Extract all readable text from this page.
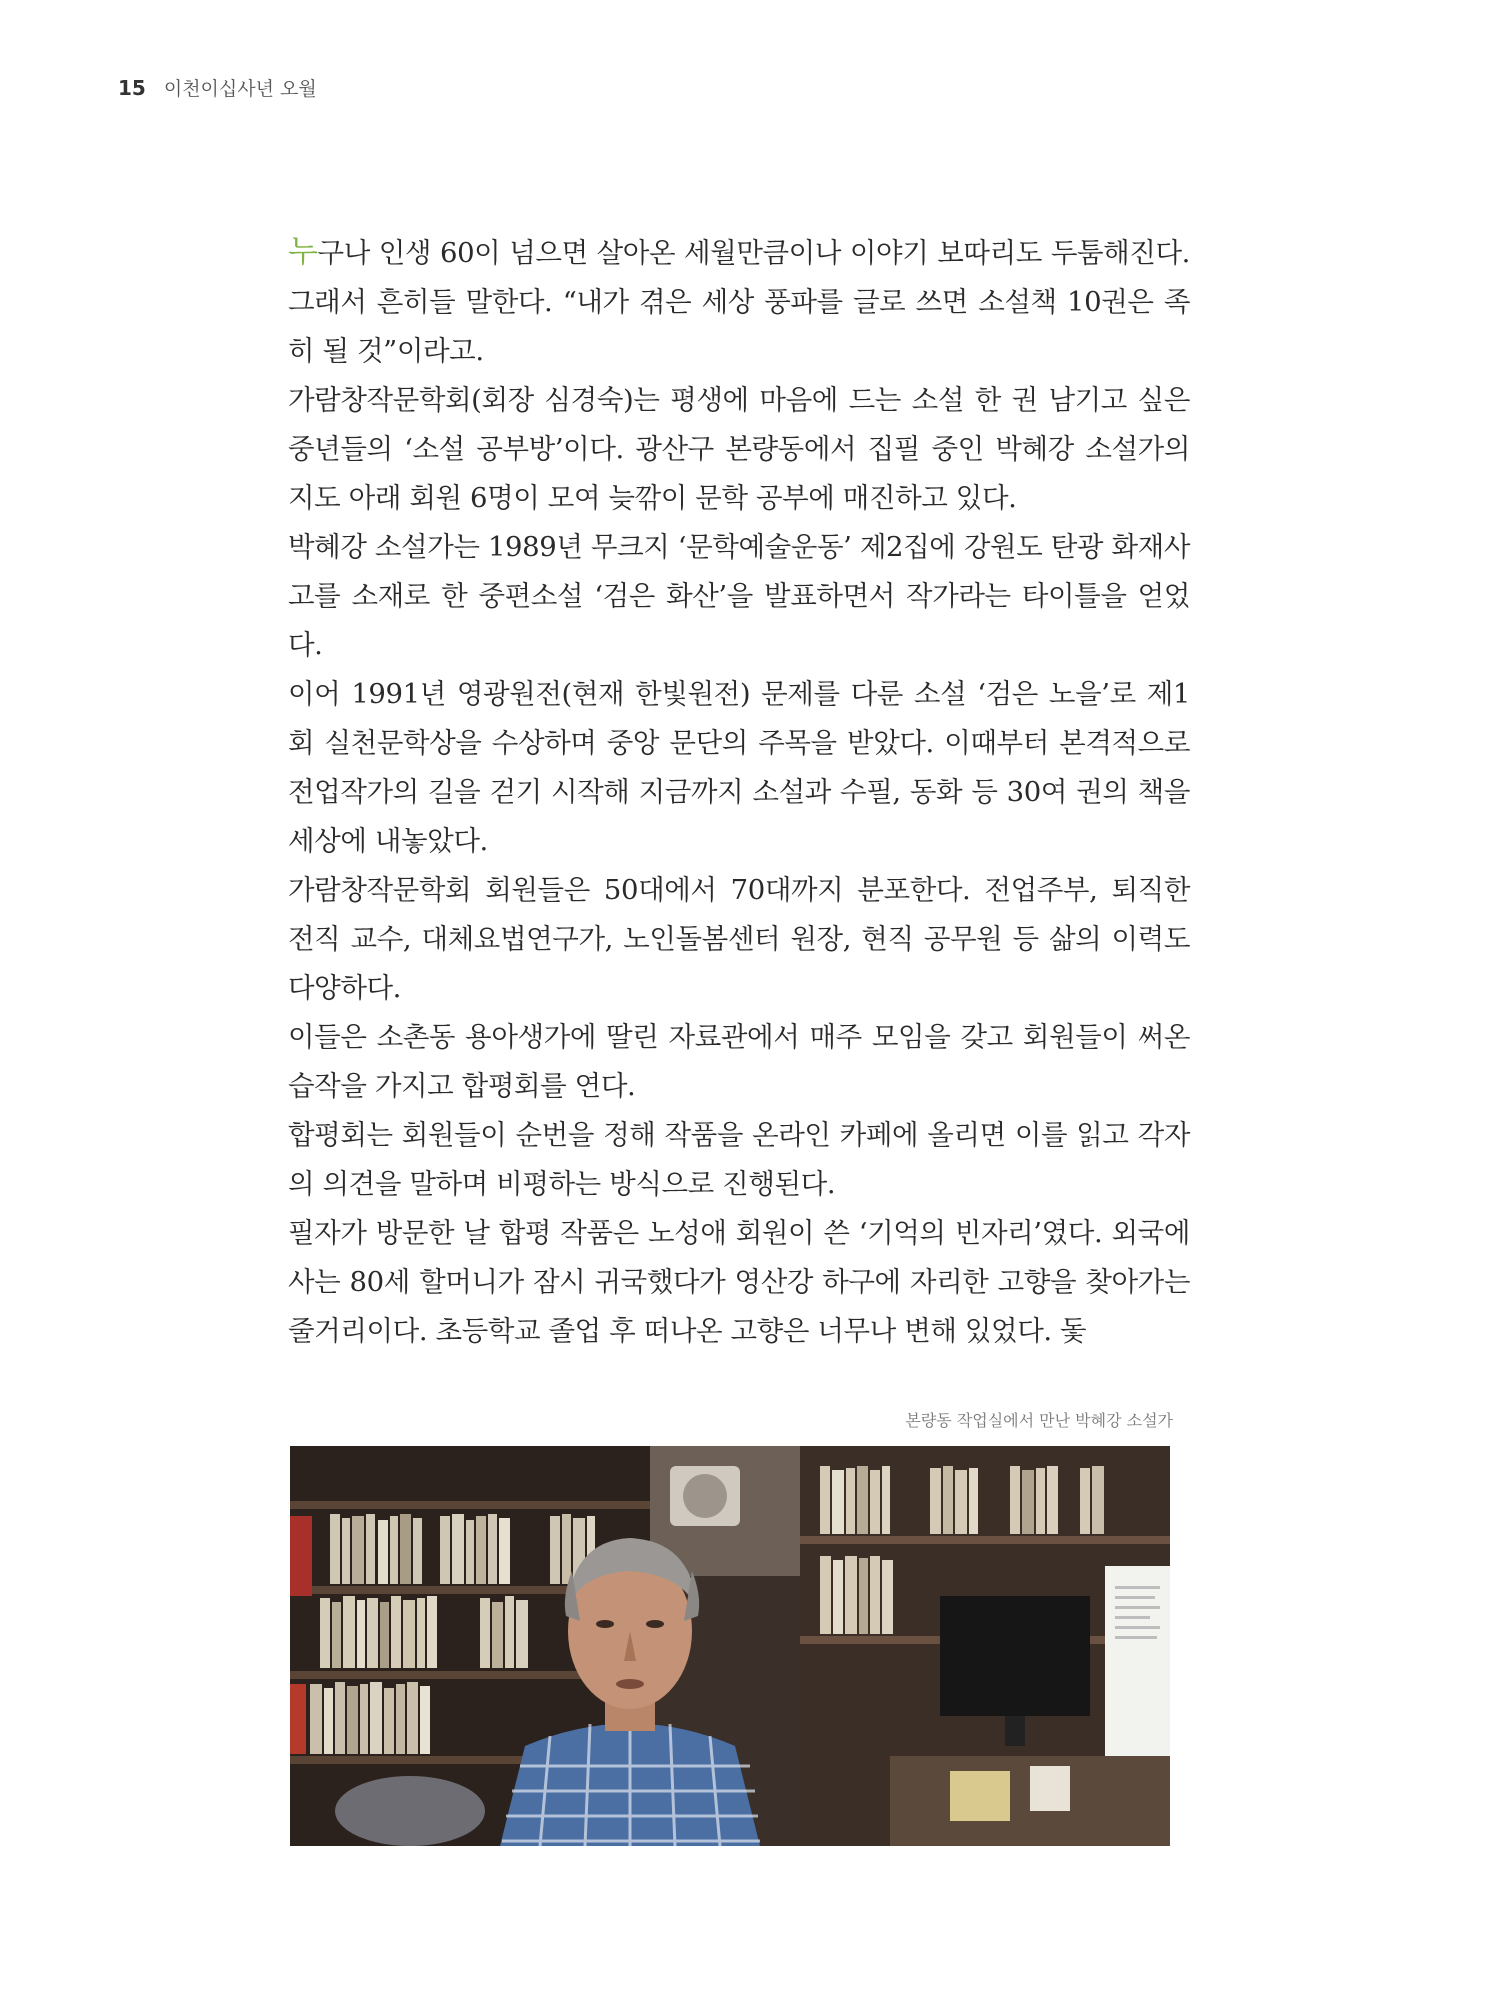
15 이천이십사년 오월

누구나 인생 60이 넘으면 살아온 세월만큼이나 이야기 보따리도 두툼해진다. 그래서 흔히들 말한다. “내가 겪은 세상 풍파를 글로 쓰면 소설책 10권은 족히 될 것”이라고.

가람창작문학회(회장 심경숙)는 평생에 마음에 드는 소설 한 권 남기고 싶은 중년들의 ‘소설 공부방’이다. 광산구 본량동에서 집필 중인 박혜강 소설가의 지도 아래 회원 6명이 모여 늦깎이 문학 공부에 매진하고 있다.

박혜강 소설가는 1989년 무크지 ‘문학예술운동’ 제2집에 강원도 탄광 화재사고를 소재로 한 중편소설 ‘검은 화산’을 발표하면서 작가라는 타이틀을 얻었다.

이어 1991년 영광원전(현재 한빛원전) 문제를 다룬 소설 ‘검은 노을’로 제1회 실천문학상을 수상하며 중앙 문단의 주목을 받았다. 이때부터 본격적으로 전업작가의 길을 걷기 시작해 지금까지 소설과 수필, 동화 등 30여 권의 책을 세상에 내놓았다.

가람창작문학회 회원들은 50대에서 70대까지 분포한다. 전업주부, 퇴직한 전직 교수, 대체요법연구가, 노인돌봄센터 원장, 현직 공무원 등 삶의 이력도 다양하다.

이들은 소촌동 용아생가에 딸린 자료관에서 매주 모임을 갖고 회원들이 써온 습작을 가지고 합평회를 연다.

합평회는 회원들이 순번을 정해 작품을 온라인 카페에 올리면 이를 읽고 각자의 의견을 말하며 비평하는 방식으로 진행된다.

필자가 방문한 날 합평 작품은 노성애 회원이 쓴 ‘기억의 빈자리’였다. 외국에 사는 80세 할머니가 잠시 귀국했다가 영산강 하구에 자리한 고향을 찾아가는 줄거리이다. 초등학교 졸업 후 떠나온 고향은 너무나 변해 있었다. 돛

본량동 작업실에서 만난 박혜강 소설가
